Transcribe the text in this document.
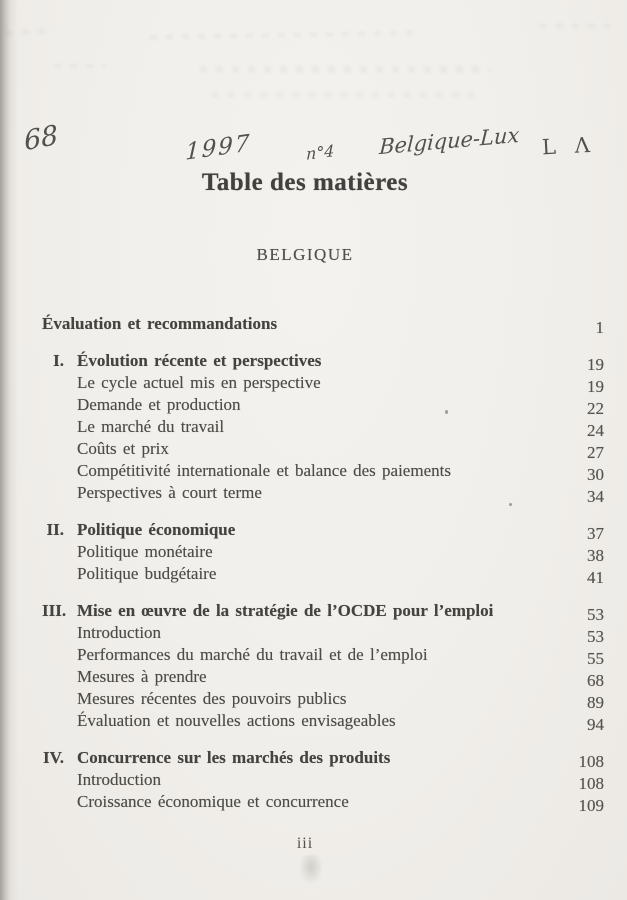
68	1997	n°4 Belgique-Lux L Λ
Table des matières
BELGIQUE
Évaluation et recommandations	1
I. Évolution récente et perspectives	19
Le cycle actuel mis en perspective	19
Demande et production	22
Le marché du travail	24
Coûts et prix	27
Compétitivité internationale et balance des paiements	30
Perspectives à court terme	34
II. Politique économique	37
Politique monétaire	38
Politique budgétaire	41
III. Mise en œuvre de la stratégie de l’OCDE pour l’emploi	53
Introduction	53
Performances du marché du travail et de l’emploi	55
Mesures à prendre	68
Mesures récentes des pouvoirs publics	89
Évaluation et nouvelles actions envisageables	94
IV. Concurrence sur les marchés des produits	108
Introduction	108
Croissance économique et concurrence	109
iii
